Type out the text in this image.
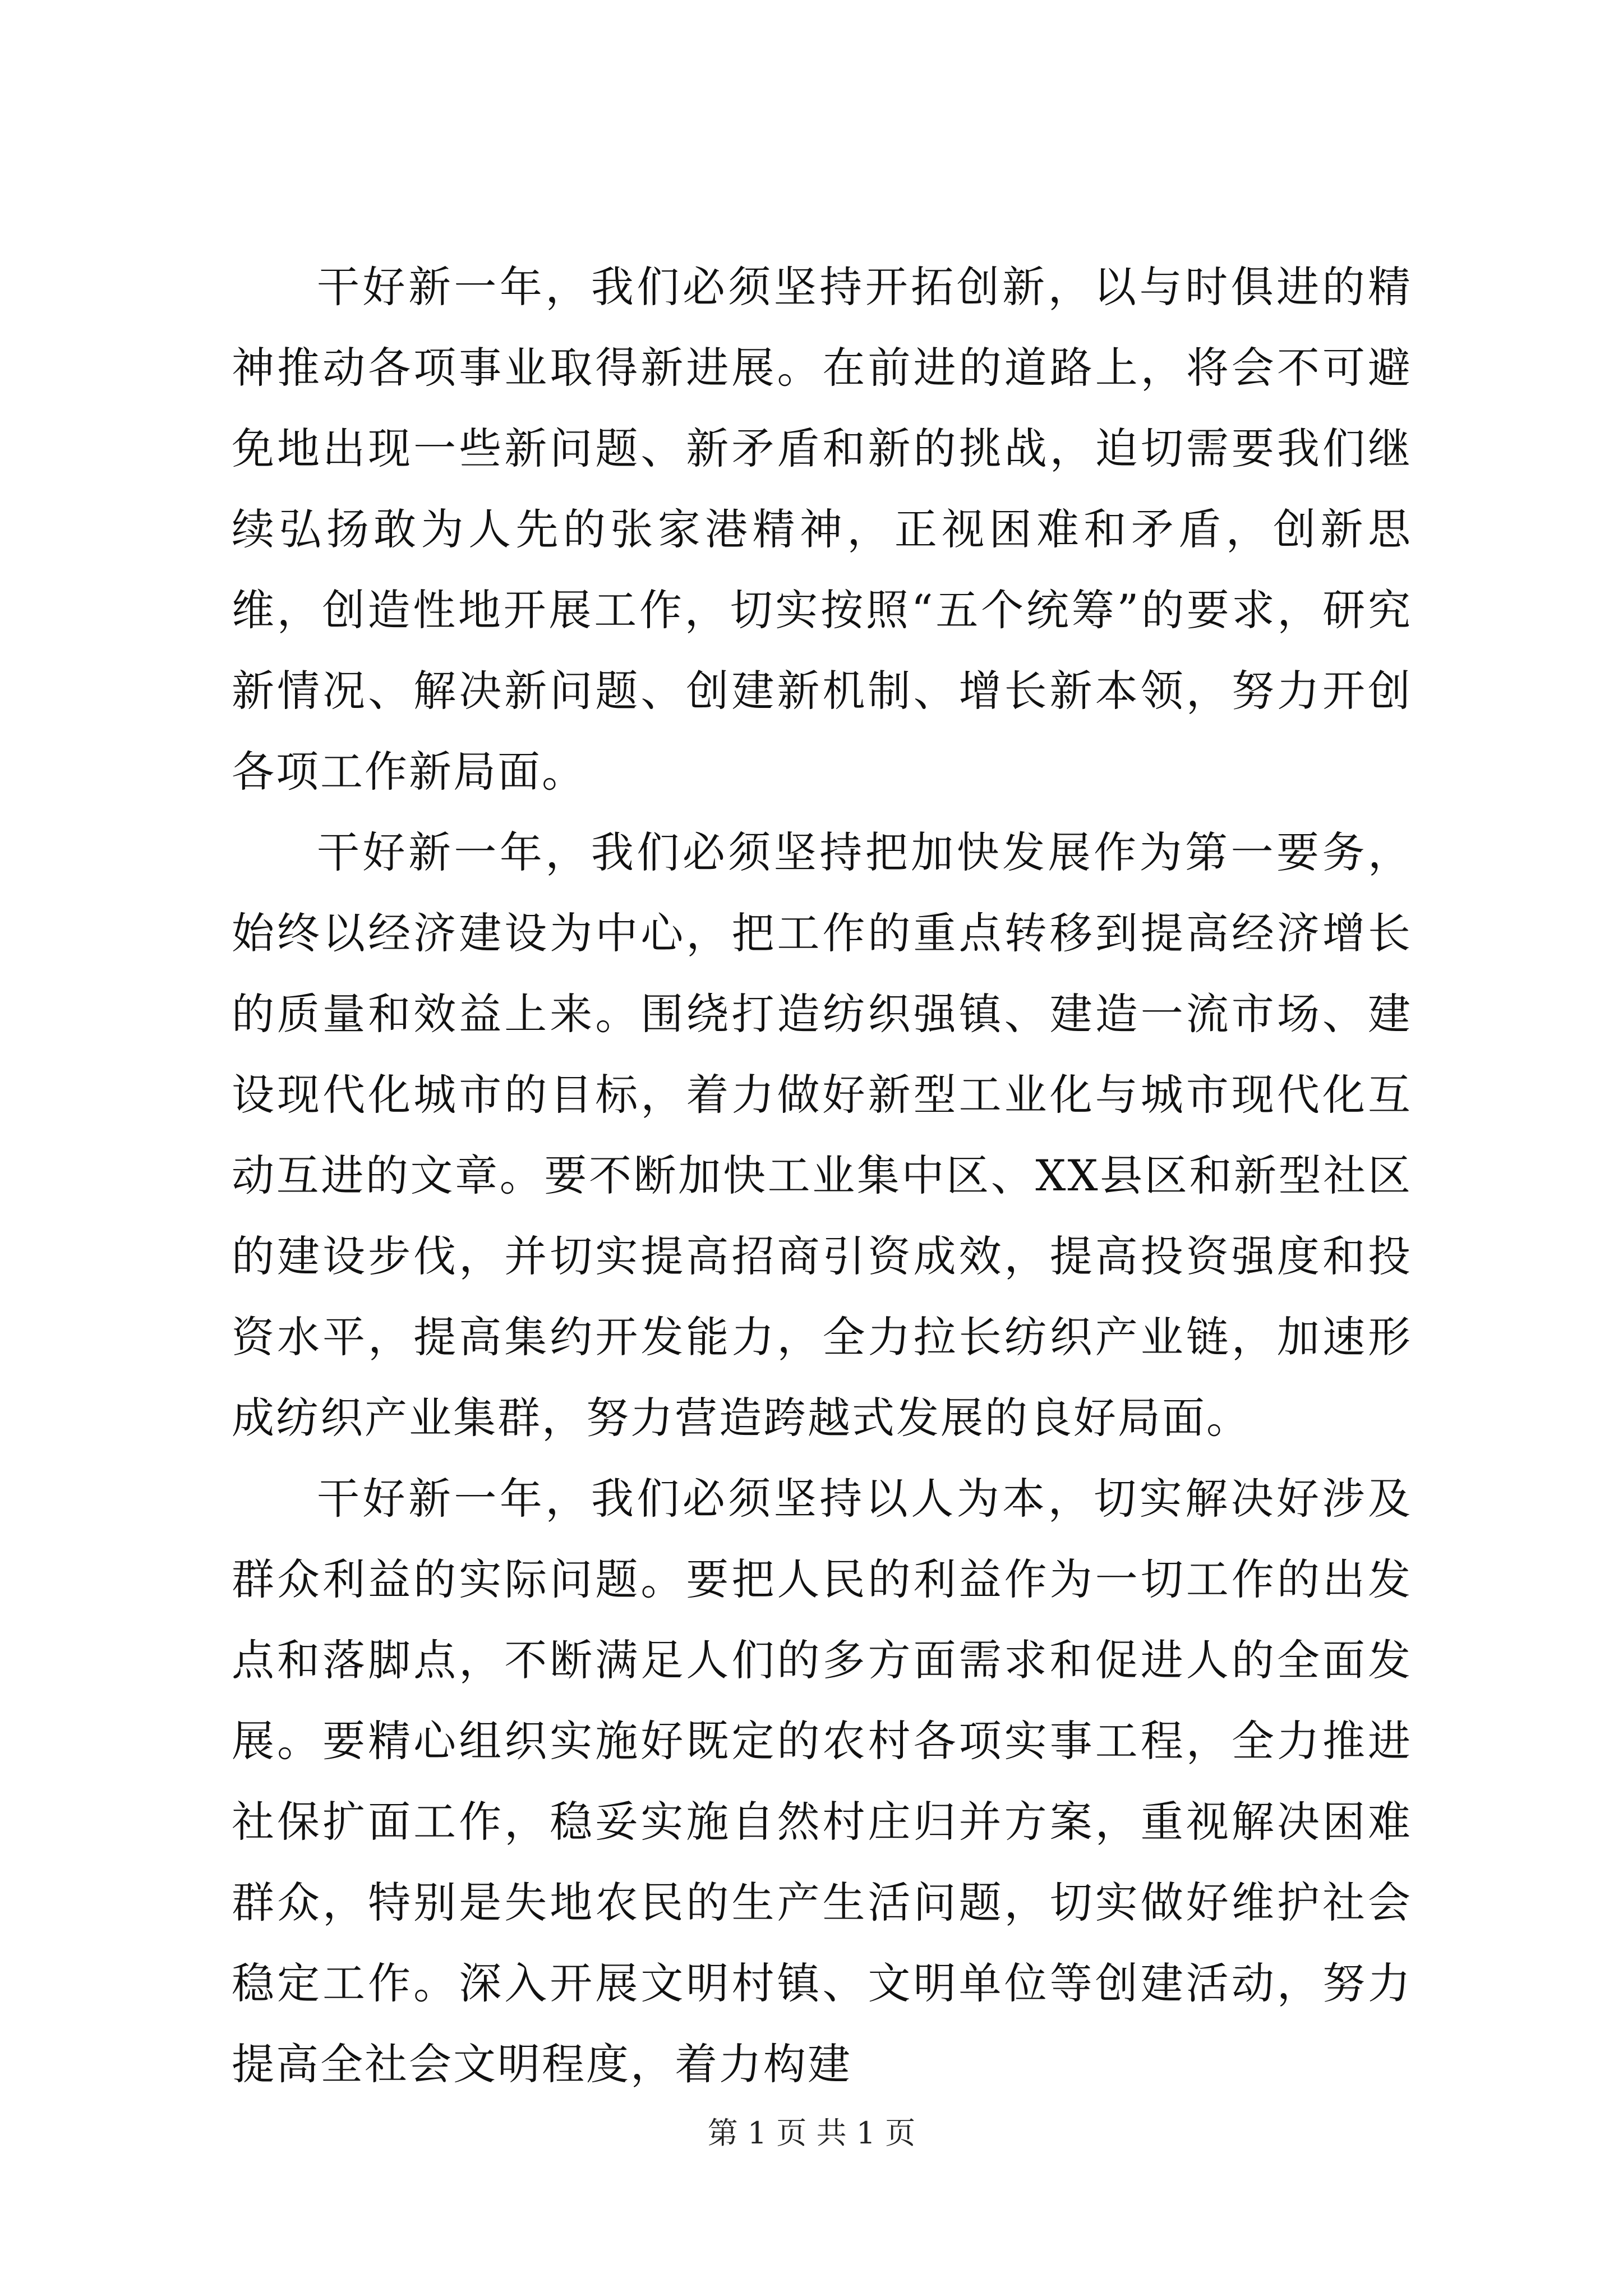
干好新一年，我们必须坚持开拓创新，以与时俱进的精神推动各项事业取得新进展。在前进的道路上，将会不可避免地出现一些新问题、新矛盾和新的挑战，迫切需要我们继续弘扬敢为人先的张家港精神，正视困难和矛盾，创新思维，创造性地开展工作，切实按照“五个统筹”的要求，研究新情况、解决新问题、创建新机制、增长新本领，努力开创各项工作新局面。

干好新一年，我们必须坚持把加快发展作为第一要务，始终以经济建设为中心，把工作的重点转移到提高经济增长的质量和效益上来。围绕打造纺织强镇、建造一流市场、建设现代化城市的目标，着力做好新型工业化与城市现代化互动互进的文章。要不断加快工业集中区、XX县区和新型社区的建设步伐，并切实提高招商引资成效，提高投资强度和投资水平，提高集约开发能力，全力拉长纺织产业链，加速形成纺织产业集群，努力营造跨越式发展的良好局面。

干好新一年，我们必须坚持以人为本，切实解决好涉及群众利益的实际问题。要把人民的利益作为一切工作的出发点和落脚点，不断满足人们的多方面需求和促进人的全面发展。要精心组织实施好既定的农村各项实事工程，全力推进社保扩面工作，稳妥实施自然村庄归并方案，重视解决困难群众，特别是失地农民的生产生活问题，切实做好维护社会稳定工作。深入开展文明村镇、文明单位等创建活动，努力提高全社会文明程度，着力构建

第 1 页 共 1 页
